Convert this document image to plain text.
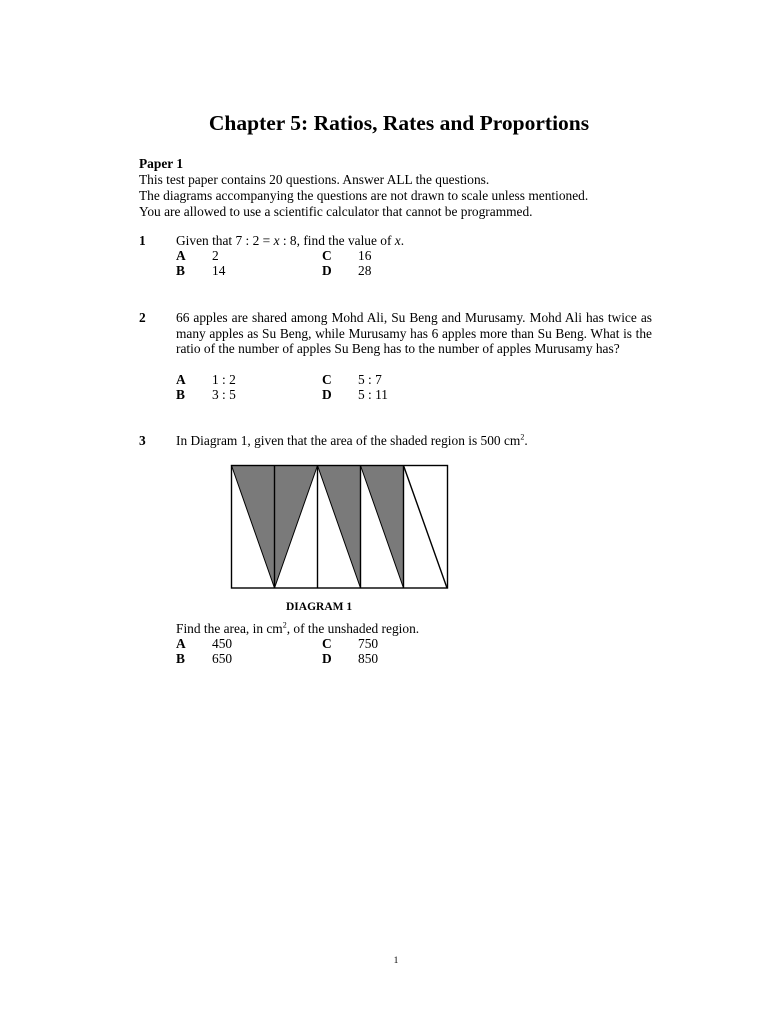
Chapter 5: Ratios, Rates and Proportions
Paper 1
This test paper contains 20 questions. Answer ALL the questions.
The diagrams accompanying the questions are not drawn to scale unless mentioned.
You are allowed to use a scientific calculator that cannot be programmed.
1 Given that 7 : 2 = x : 8, find the value of x.
A 2
B 14
C 16
D 28
2 66 apples are shared among Mohd Ali, Su Beng and Murusamy. Mohd Ali has twice as many apples as Su Beng, while Murusamy has 6 apples more than Su Beng. What is the ratio of the number of apples Su Beng has to the number of apples Murusamy has?
A 1 : 2
B 3 : 5
C 5 : 7
D 5 : 11
3 In Diagram 1, given that the area of the shaded region is 500 $cm^2$.
DIAGRAM 1
Find the area, in $cm^2$, of the unshaded region.
A 450
B 650
C 750
D 850
1
